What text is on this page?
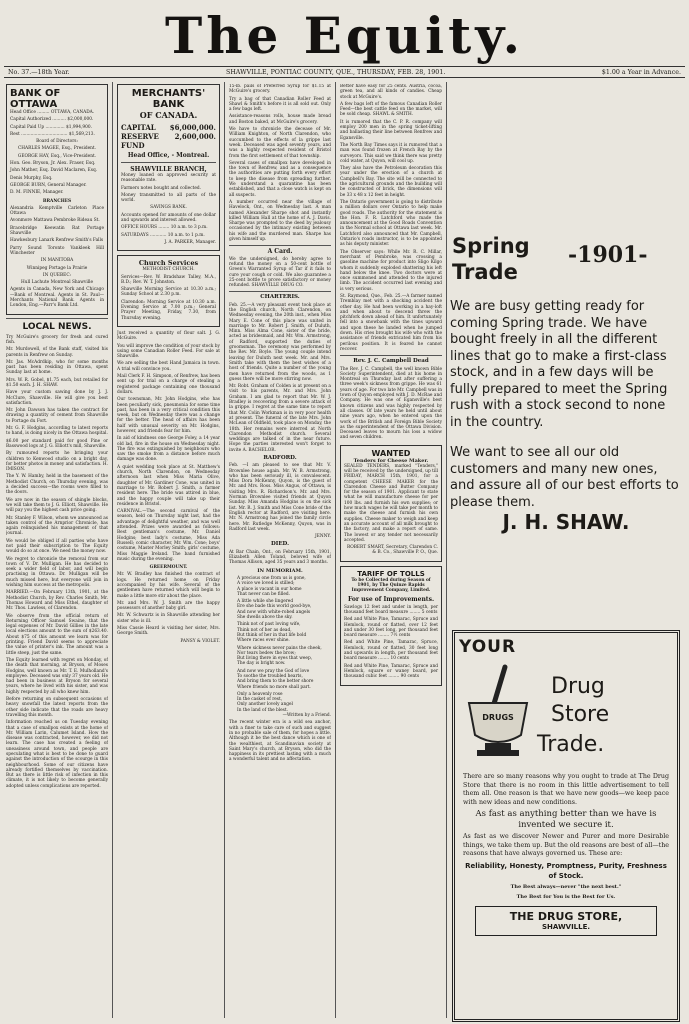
The Equity.
No. 37.—18th Year.	SHAWVILLE, PONTIAC COUNTY, QUE., THURSDAY, FEB. 28, 1901.	$1.00 a Year in Advance.
BANK OF OTTAWA

Head Office ......... OTTAWA, CANADA.

Capital Authorized .......... $2,000,000.

Capital Paid Up .............. $1,994,900.

Rest .................................. $1,569,213.

Board of Directors:

CHARLES MAGEE, Esq., President.

GEORGE HAY, Esq., Vice-President.

Hon. Geo. Bryson, Jr. Alex. Fraser, Esq.

John Mather, Esq. David Maclaren, Esq.

Denis Murphy, Esq.

GEORGE BURN, General Manager.

D. M. FINNIE, Manager.

BRANCHES

Alexandria Kemptville Carleton Place Ottawa

Avonmore Mattawa Pembroke Rideau St.

Bracebridge Keewatin Rat Portage Shawville

Hawkesbury Lanark Renfrew Smith's Falls

Parry Sound Toronto Vankleek Hill Winchester

IN MANITOBA

Winnipeg Portage la Prairie

IN QUEBEC:

Hull Lachute Montreal Shawville

Agents in Canada, New York and Chicago—Bank of Montreal. Agents in St. Paul—Merchants National Bank. Agents in London, Eng.—Parr's Bank Ltd.

LOCAL NEWS.

Try McGuire's grocery for fresh and cured fish.

Mr. Murdowell, of the Bank staff, visited his parents in Renfrew on Sunday.

Mr. Jas. McAdrdkip, who for some months past has been residing in Ottawa, spent Sunday last at home.

Mrs. W. R. Gobel, $1.75 each, but retailed for $1.50 each. J. H. SHAW.

Have your custom sawing done by J. J. McClure, Shawville. He will give you best satisfaction.

Mr. John Dawson has taken the contract for drawing a quantity of cement from Shawville to Portage du Fort.

Mr. G. F. Hodgins, according to latest reports to hand, is doing nicely in the Ottawa hospital.

$6.00 per standard paid for good Pine or Basswood logs at J. G. Elliott's mill, Shawville.

By rumoured reports he bringing your children to Kenwood studio on a bright day, for better photos in money and satisfaction. H. IMISON.

The Y. W. Hamby, held in the basement of the Methodist Church, on Thursday evening, was a decided success—the rooms were filled to the doors.

We are now in the season of shingle blocks, we will take them to J. G. Elliott, Shawville. He will pay you the highest cash price going.

Mr. Stanley F. Wilson, whom we announced as taken control of the Arnprior Chronicle, has again relinquished his management of that journal.

We would be obliged if all parties who have not paid their subscription to The Equity would do so at once. We need the money now.

We regret to chronicle the removal from our town of V. Dr. Mulligan. He has decided to seek a wider field of labor, and will begin practising in Ottawa. Dr. Mulligan will be much missed here, but everyone will join in wishing him success at the metropolis.

MARRIED.—On February 13th, 1901, at the Methodist Church, by Rev. Charles Smith, Mr. Thomas Howard and Miss Ethel, daughter of Mr. Thos. Lawless, of Clarendon.

We observe from the official return of Returning Officer Samuel Swaine, that the legal expenses of Mr. David Gillies in the late local elections amount to the sum of $263.40. About $75 of this amount we learn was for printing. Friend David seems to appreciate the value of printer's ink. The amount was a little steep, just the same.

The Equity learned with regret on Monday, of the death that morning, at Bryson, of Moses Hodgins, well known as Mr. T. E. Mulholland's employee. Deceased was only 37 years old. He had been in business at Bryson for several years, where he lived with his sister, and was highly respected by all who knew him.

Before returning on subsequent occasions of heavy snowfall the latest reports from the other side indicate that the roads are heavy travelling this month.

Information reached us on Tuesday evening that a case of smallpox exists at the home of Mr. William Larin, Calumet Island. How the disease was contracted, however, we did not learn. The case has created a feeling of uneasiness around town, and people are speculating what is best to be done to guard against the introduction of the scourge in this neighbourhood. Some of our citizens have already fortified themselves by vaccination. But as there is little risk of infection in this climate, it is not likely to become generally adopted unless complications are reported.

MERCHANTS' BANK
OF CANADA.
CAPITAL $6,000,000.
RESERVE FUND
2,600,000.
Head Office, - Montreal.
SHAWVILLE BRANCH,

Money loaned on approved security at reasonable rate.

Farmers notes bought and collected.

Money transmitted to all parts of the world.

SAVINGS BANK.

Accounts opened for amounts of one dollar and upwards and interest allowed.

OFFICE HOURS ........ 10 a.m. to 3 p.m.

SATURDAYS ............ 10 a.m. to 1 p.m.

J. A. PARKER, Manager.

Church Services

METHODIST CHURCH.

Services—Rev. W. Bradshaw Talley, M.A., B.D.; Rev. W. T. Johnston.

Shawville Morning Service at 10.30 a.m.; Sunday School at 2.30 p.m.

Clarendon: Morning Service at 10.30 a.m. Evening Service at 7.00 p.m.; General Prayer Meeting, Friday, 7.30, from Thursday evening.

Just received a quantity of flour salt. J. G. McGuire.

You will improve the condition of your stock by using some Canadian Roller Feed. For sale at Shawville.

We are selling the best Hand Jamaica in town. A trial will convince you.

Mail Clerk F. H. Simpson, of Renfrew, has been sent up for trial on a charge of stealing a registered package containing one thousand dollars.

Our townsman, Mr. John Hodgins, who has been peculiarly sick, pneumonia for some time past, has been in a very critical condition this week, but on Wednesday there was a change for the better. The head of affairs has been half with unusual severity on Mr. Hodgins, however, and friends fear for him.

In aid of kindness one George Foley, a 14 year old lad, fire in the house on Wednesday night. The fire was extinguished by neighbours who saw the smoke from a distance before much damage was done.

A quiet wedding took place at St. Matthew's church, North Clarendon, on Wednesday afternoon last when Miss Maria Olive, daughter of Mr. Gardiner Cone, was united in marriage to Mr. Robert J. Smith, a farmer resident here. The bride was attired in blue, and the happy couple will take up their residence in Bristol.

CARNIVAL.—The second carnival of the season, held on Thursday night last, had the advantage of delightful weather, and was well attended. Prizes were awarded as follows: Best gentleman's costume, Mr. Daniel Hodgins; best lady's costume, Miss Ada Russell; comic character, Mr. Wm. Cone; boys' costume, Master Morley Smith; girls' costume, Miss Maggie Ireland. The band furnished music during the evening.

GREERMOUNT.

Mr. W. Bradley has finished the contract of logs. He returned home on Friday accompanied by his wife. Several of the gentlemen have returned which will begin to make a little more stir about the place.

Mr. and Mrs. W. J. Smith are the happy possessors of another baby girl.

Mr. W. Schwartz is in Shawville attending her sister who is ill.

Miss Cassie Heard is visiting her sister, Mrs. George Smith.

PANSY & VIOLET.

15-lb. pails of Preferred Syrup for $1.15 at McGuire's grocery.

Try a bag of that Canadian Roller Feed at Shawl & Smith's before it is all sold out. Only a few bags left.

Assistance-reasons rolls, house made bread and Boston baked, at McGuire's grocery.

We have to chronicle the decease of Mr. William Knighton, of North Clarendon, who succumbed to the effects of la grippe last week. Deceased was aged seventy years, and was a highly respected resident of Bristol from the first settlement of that township.

Several cases of smallpox have developed in the town of Renfrew, and as a consequence the authorities are putting forth every effort to keep the disease from spreading further. We understand a quarantine has been established, and that a close watch is kept on all suspects.

A number occurred near the village of Havelock, Ont., on Wednesday last. A man named Alexander Sharpe shot and instantly killed William Hall at the home of A. J. Davis. Sharpe was prompted to the deed by jealousy occasioned by the intimacy existing between his wife and the murdered man. Sharpe has given himself up.

A Card.

We the undersigned, do hereby agree to refund the money on a 50-cent bottle of Green's Warranted Syrup of Tar if it fails to cure your cough or cold. We also guarantee a 25-cent bottle to prove satisfactory or money refunded. SHAWVILLE DRUG CO.

CHARTERIS.

Feb. 25.—A very pleasant event took place at the English church, North Clarendon, on Wednesday evening, the 20th inst., when Miss Mary E. Cone of this place was united in marriage to Mr. Robert J. Smith, of Duluth, Minn. Miss Alma Cone, sister of the bride, acted as bridesmaid, and Mr. Wm. Armstrong, of Radford, supported the duties of groomsman. The ceremony was performed by the Rev. Mr. Boyle. The young couple intend leaving for Duluth next week. Mr. and Mrs. Smith take with them the best wishes of a host of friends. Quite a number of the young men have returned from the woods, as 1 guess there will be more stirring now.

Mr. Robt. Graham of Colden is at present on a visit to his parents, Mr. and Mrs. John Graham. I am glad to report that Mr. W. J. Bradley is recovering from a severe attack of la grippe. I regret at the same time to report that Mr. Colin Workman is in very poor health at present. The funeral of the late Mrs. John McLean of Oldfield, took place on Monday, the 18th. Her remains were interred at North Clarendon Methodist church. Several weddings are talked of in the near future. Hope the parties interested won't forget to invite A. BACHELOR.

RADFORD.

Feb. —I am pleased to see that Mr. V. Brownlee house again. Mr. W. B. Armstrong, who has been seriously ill, is convalescent. Miss Dora McKenny, Quyon, is the guest of Mr. and Mrs. Ross. Miss Angus, of Ottawa, is visiting Mrs. R. Richardson's. Mr. and Mrs. Norman Brownlee visited friends at Quyon Sunday. Miss Amanda Hodgins is on the sick list. Mr. R. J. Smith and Miss Cone bride of the English rector at Radford, are visiting here. Mr. N. Armstrong has joined the family circle here. Mr. Rutledge McKenny, Quyon, was in Radford last week.

JENNY.

DIED.

At Bar Chain, Ont., on February 15th, 1901, Elizabeth Allen Toland, beloved wife of Thomas Allison, aged 35 years and 3 months.

IN MEMORIAM.

A precious one from us is gone,

A voice we loved is stilled;

A place is vacant in our home

That never can be filled.

A little while she lingered

Ere she bade this world good-bye,

And now with white-robed angels

She dwells above the sky.

Think not of past loving wife,

Think not of her as dead,

But think of her in that life bold

Where races ever shine.

Where sickness never pains the cheek,

Nor tears bedew the brow;

But living there in eyes that weep,

The day is bright now.

And now we pray the God of love

To soothe the troubled hearts,

And bring them to the better shore

Where friends no more shall part.

Only a heavenly rose

In the casket of rest,

Only another lovely angel

In the land of the blest.

—Written by a Friend.

The recent winter era is a wild sea anchor, with a finer to take care of such and suggest in no probable sale of them, for hopes a little. Although it be the best dance which is one of the wealthiest, at Scandinavian society at Saint Mary's church, at Bryson, who did the happiness in its prettiest lasting with a much a wonderful talent and no affectation.

Better have easy for 25 cents. Austria, cocoa, green tea, and all kinds of candies. Cheap stock at McGuire's.

A few bags left of the famous Canadian Roller Feed—the best cattle feed on the market, will be sold cheap. SHAWL & SMITH.

It is rumored that the C. P. R. company will employ 200 men in the spring ticket-lifting and ballasting their line between Renfrew and Egansville.

The North Bay Times says it is rumored that a man was found frozen at French Bay by the surveyors. This said we think there was pretty cold water, at Quyon, will cool up.

They also have the Petroleum decoration this year under the erection of a church at Campbell's Bay. The site will be connected to the agricultural grounds and the building will be constructed of brick, the dimensions will be 33 x 48 x 12 feet in height.

The Ontario government is going to distribute a million dollars over Ontario to help make good roads. The authority for the statement is the Hon. F. R. Latchford who made the announcement at the Good Roads Convention in the Normal school at Ottawa last week. Mr. Latchford also announced that Mr. Campbell, Ontario's roads instructor, is to be appointed as his deputy minister.

The Observer says: While Mr. R. C. Millar, merchant of Pembroke, was crossing a gasoline machine for product into Sligo Kilgo whom it suddenly exploded shattering his left hand below the knee. Two doctors were at once summoned and attended to the injured limb. The accident occurred last evening and is very serious.

St. Raymond, Que., Feb. 25.—A farmer named Tremblay met with a shocking accident the other day. He had been working in a hay-loft and when about to descend threw the pitchfork down ahead of him. It unfortunately fell into a snowbank with the tines upward and upon these he landed when he jumped down. His cries brought his wife who with the assistance of friends extricated him from his perilous position. It is feared he cannot recover.

Rev. J. C. Campbell Dead

The Rev. J. C. Campbell, the well known Bible Society Superintendent, died at his home in Montreal on Thursday last after suffering a three week's sickness from grippe. He was 61 years of age. For two late Mr. Campbell was in town of Quyon employed with J. D. McRae and Company. He was one of Egansville's best known citizens and was highly respected by all classes. Of late years he held until about nine years ago, when he entered upon the work of the British and Foreign Bible Society as the superintendent of the Ottawa Division. Deceased leaves to mourn his loss a widow and seven children.

WANTED
Tenders for Cheese Maker.

SEALED TENDERS, marked "Tenders," will be received by the undersigned, up till FRIDAY, MARCH 15th, 1901, for a competent CHEESE MAKER for the Clarendon Cheese and Butter Company for the season of 1901. Applicant to state what he will manufacture cheese for per 100 lbs. and furnish his own supplies; or how much wages he will take per month to make the cheese and furnish his own supplies. Cheese maker to weigh and keep an accurate account of all milk brought to the factory, and make a report of same. The lowest or any tender not necessarily accepted.

ROBERT SMART, Secretary, Clarendon C. & B. Co., Shawville P. O., Que.

TARIFF OF TOLLS

To be Collected during Season of 1901, by The Quinze Rapids Improvement Company, Limited.

For use of Improvements.

Sawlogs 12 feet and under in length, per thousand feet board measure ........ 5 cents

Red and White Pine, Tamarac, Spruce and Hemlock, round or flatted, over 12 feet and under 30 feet long, per thousand feet board measure ........ 7½ cents

Red and White Pine, Tamarac, Spruce, Hemlock, round or flatted, 30 feet long and upwards in length, per thousand feet board measure ........ 10 cents

Red and White Pine, Tamarac, Spruce and Hemlock, square or waney board, per thousand cubic feet ........ 90 cents

Spring -1901-
Trade

We are busy getting ready for coming Spring trade. We have bought freely in all the different lines that go to make a first-class stock, and in a few days will be fully prepared to meet the Spring rush with a stock second to none in the country.

We want to see all our old customers and many new ones, and assure all of our best efforts to please them.

J. H. SHAW.
YOUR
DRUGS
Drug
Store
Trade.

There are so many reasons why you ought to trade at The Drug Store that there is no room in this little advertisement to tell them all. One reason is that we have new goods—we keep pace with new ideas and new conditions.

As fast as anything better than we have is invented we secure it.

As fast as we discover Newer and Purer and more Desirable things, we take them up. But the old reasons are best of all—the reasons that have always governed us. These are:

Reliability, Honesty, Promptness, Purity, Freshness of Stock.

The Best always—never "the next best."

The Best for You is the Best for Us.

THE DRUG STORE,

SHAWVILLE.
